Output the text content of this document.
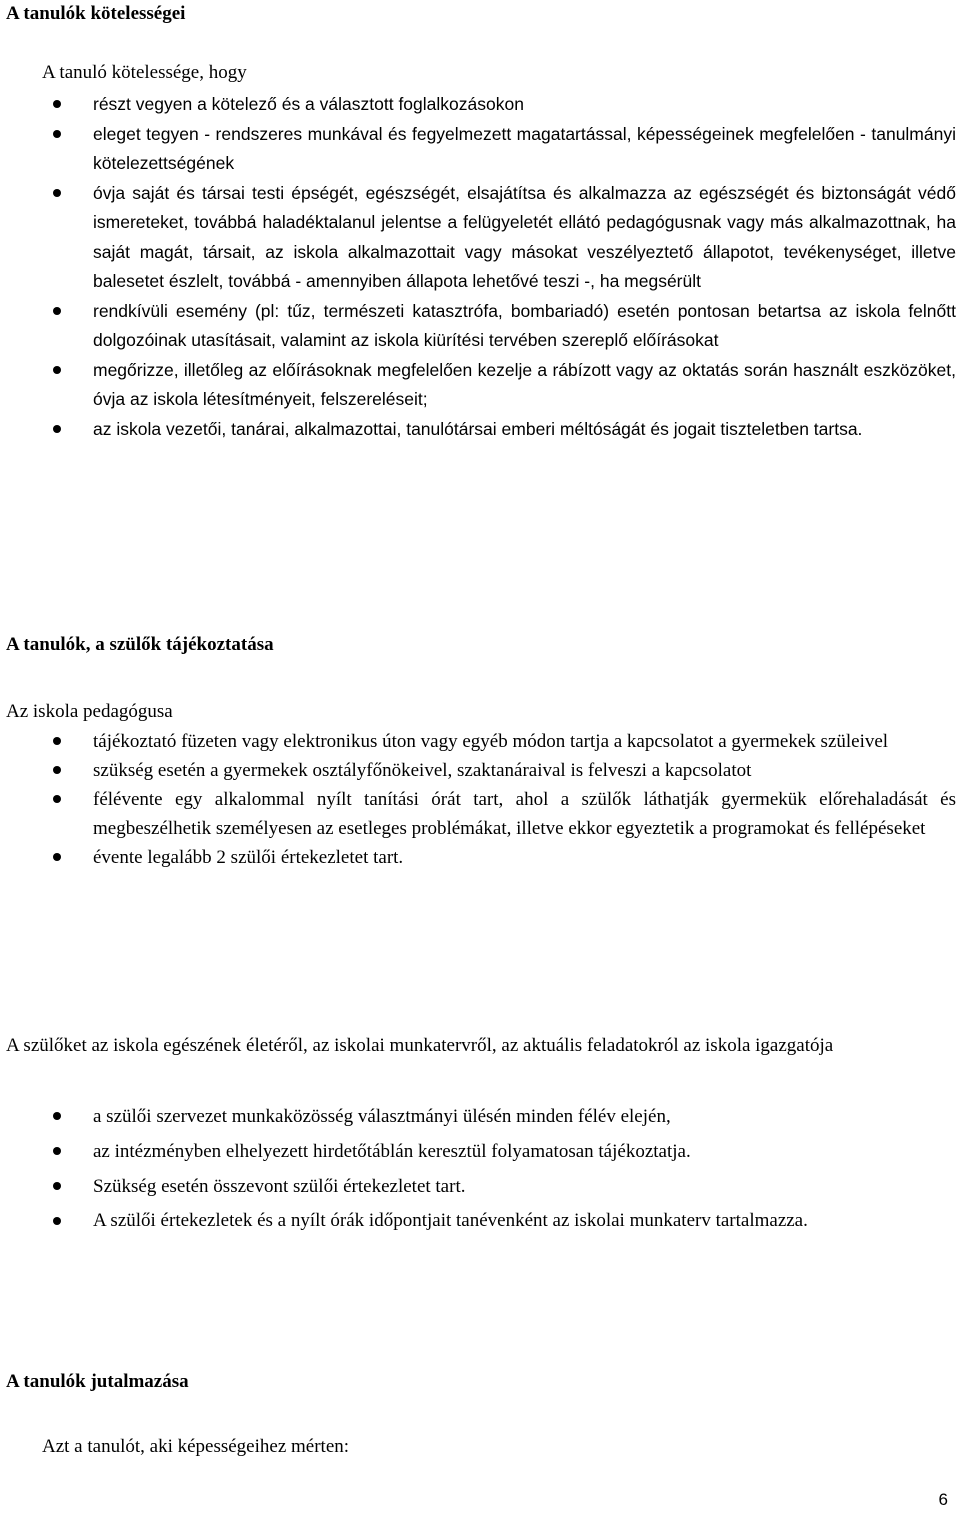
A tanulók kötelességei
A tanuló kötelessége, hogy
részt vegyen a kötelező és a választott foglalkozásokon
eleget tegyen - rendszeres munkával és fegyelmezett magatartással, képességeinek megfelelően - tanulmányi kötelezettségének
óvja saját és társai testi épségét, egészségét, elsajátítsa és alkalmazza az egészségét és biztonságát védő ismereteket, továbbá haladéktalanul jelentse a felügyeletét ellátó pedagógusnak vagy más alkalmazottnak, ha saját magát, társait, az iskola alkalmazottait vagy másokat veszélyeztető állapotot, tevékenységet, illetve balesetet észlelt, továbbá - amennyiben állapota lehetővé teszi -, ha megsérült
rendkívüli esemény (pl: tűz, természeti katasztrófa, bombariadó) esetén pontosan betartsa az iskola felnőtt dolgozóinak utasításait, valamint az iskola kiürítési tervében szereplő előírásokat
megőrizze, illetőleg az előírásoknak megfelelően kezelje a rábízott vagy az oktatás során használt eszközöket, óvja az iskola létesítményeit, felszereléseit;
az iskola vezetői, tanárai, alkalmazottai, tanulótársai emberi méltóságát és jogait tiszteletben tartsa.
A tanulók, a szülők tájékoztatása
Az iskola pedagógusa
tájékoztató füzeten vagy elektronikus úton vagy egyéb módon tartja a kapcsolatot a gyermekek szüleivel
szükség esetén a gyermekek osztályfőnökeivel, szaktanáraival is felveszi a kapcsolatot
félévente egy alkalommal nyílt tanítási órát tart, ahol a szülők láthatják gyermekük előrehaladását és megbeszélhetik személyesen az esetleges problémákat, illetve ekkor egyeztetik a programokat és fellépéseket
évente legalább 2 szülői értekezletet tart.
A szülőket az iskola egészének életéről, az iskolai munkatervről, az aktuális feladatokról az iskola igazgatója
a szülői szervezet munkaközösség választmányi ülésén minden félév elején,
az intézményben elhelyezett hirdetőtáblán keresztül folyamatosan tájékoztatja.
Szükség esetén összevont szülői értekezletet tart.
A szülői értekezletek és a nyílt órák időpontjait tanévenként az iskolai munkaterv tartalmazza.
A tanulók jutalmazása
Azt a tanulót, aki képességeihez mérten:
6
